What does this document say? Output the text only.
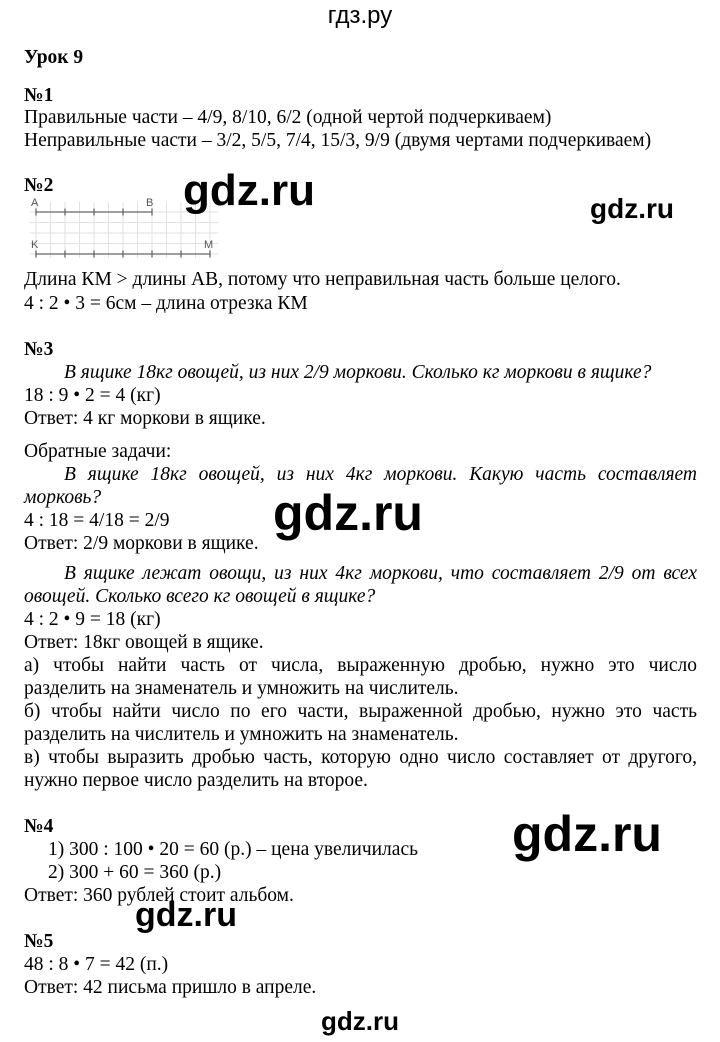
гдз.ру
Урок 9
№1
Правильные части – 4/9, 8/10, 6/2 (одной чертой подчеркиваем)
Неправильные части – 3/2, 5/5, 7/4, 15/3, 9/9 (двумя чертами подчеркиваем)
№2
A	B
K	M
Длина КМ > длины АВ, потому что неправильная часть больше целого.
4 : 2 • 3 = 6см – длина отрезка КМ
№3
В ящике 18кг овощей, из них 2/9 моркови. Сколько кг моркови в ящике?
18 : 9 • 2 = 4 (кг)
Ответ: 4 кг моркови в ящике.
Обратные задачи:
В ящике 18кг овощей, из них 4кг моркови. Какую часть составляет
морковь?
4 : 18 = 4/18 = 2/9
Ответ: 2/9 моркови в ящике.
В ящике лежат овощи, из них 4кг моркови, что составляет 2/9 от всех
овощей. Сколько всего кг овощей в ящике?
4 : 2 • 9 = 18 (кг)
Ответ: 18кг овощей в ящике.
а) чтобы найти часть от числа, выраженную дробью, нужно это число
разделить на знаменатель и умножить на числитель.
б) чтобы найти число по его части, выраженной дробью, нужно это часть
разделить на числитель и умножить на знаменатель.
в) чтобы выразить дробью часть, которую одно число составляет от другого,
нужно первое число разделить на второе.
№4
1) 300 : 100 • 20 = 60 (р.) – цена увеличилась
2) 300 + 60 = 360 (р.)
Ответ: 360 рублей стоит альбом.
№5
48 : 8 • 7 = 42 (п.)
Ответ: 42 письма пришло в апреле.
gdz.ru	gdz.ru
gdz.ru
gdz.ru
gdz.ru
gdz.ru
